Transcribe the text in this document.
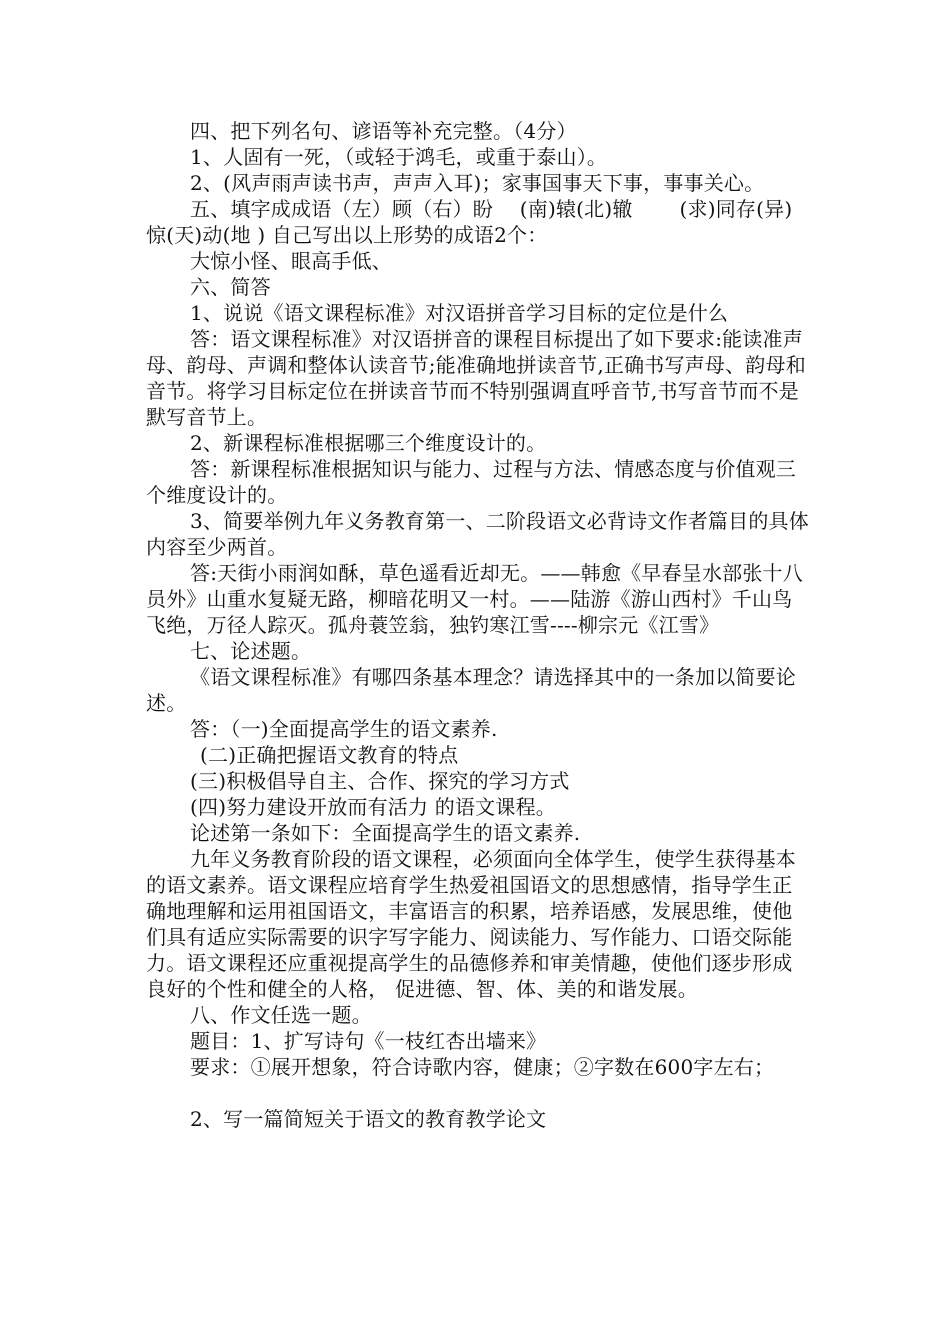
四、把下列名句、谚语等补充完整。（4分）

1、人固有一死，（或轻于鸿毛，或重于泰山）。

2、(风声雨声读书声，声声入耳)；家事国事天下事，事事关心。

五、填字成成语（左）顾（右）盼　 (南)辕(北)辙　　 (求)同存(异)　 惊(天)动(地 ) 自己写出以上形势的成语2个：

大惊小怪、眼高手低、

六、简答

1、说说《语文课程标准》对汉语拼音学习目标的定位是什么

答：语文课程标准》对汉语拼音的课程目标提出了如下要求:能读准声母、韵母、声调和整体认读音节;能准确地拼读音节,正确书写声母、韵母和音节。将学习目标定位在拼读音节而不特别强调直呼音节,书写音节而不是默写音节上。

2、新课程标准根据哪三个维度设计的。

答：新课程标准根据知识与能力、过程与方法、情感态度与价值观三个维度设计的。

3、简要举例九年义务教育第一、二阶段语文必背诗文作者篇目的具体内容至少两首。

答:天街小雨润如酥，草色遥看近却无。——韩愈《早春呈水部张十八员外》山重水复疑无路，柳暗花明又一村。——陆游《游山西村》千山鸟飞绝，万径人踪灭。孤舟蓑笠翁，独钓寒江雪----柳宗元《江雪》

七、论述题。

《语文课程标准》有哪四条基本理念？请选择其中的一条加以简要论述。

答：（一)全面提高学生的语文素养.

(二)正确把握语文教育的特点

(三)积极倡导自主、合作、探究的学习方式

(四)努力建设开放而有活力 的语文课程。

论述第一条如下：全面提高学生的语文素养.

九年义务教育阶段的语文课程，必须面向全体学生，使学生获得基本的语文素养。语文课程应培育学生热爱祖国语文的思想感情，指导学生正确地理解和运用祖国语文，丰富语言的积累，培养语感，发展思维，使他们具有适应实际需要的识字写字能力、阅读能力、写作能力、口语交际能力。语文课程还应重视提高学生的品德修养和审美情趣，使他们逐步形成良好的个性和健全的人格， 促进德、智、体、美的和谐发展。

八、作文任选一题。

题目：1、扩写诗句《一枝红杏出墙来》

要求：①展开想象，符合诗歌内容，健康；②字数在600字左右；

2、写一篇简短关于语文的教育教学论文
